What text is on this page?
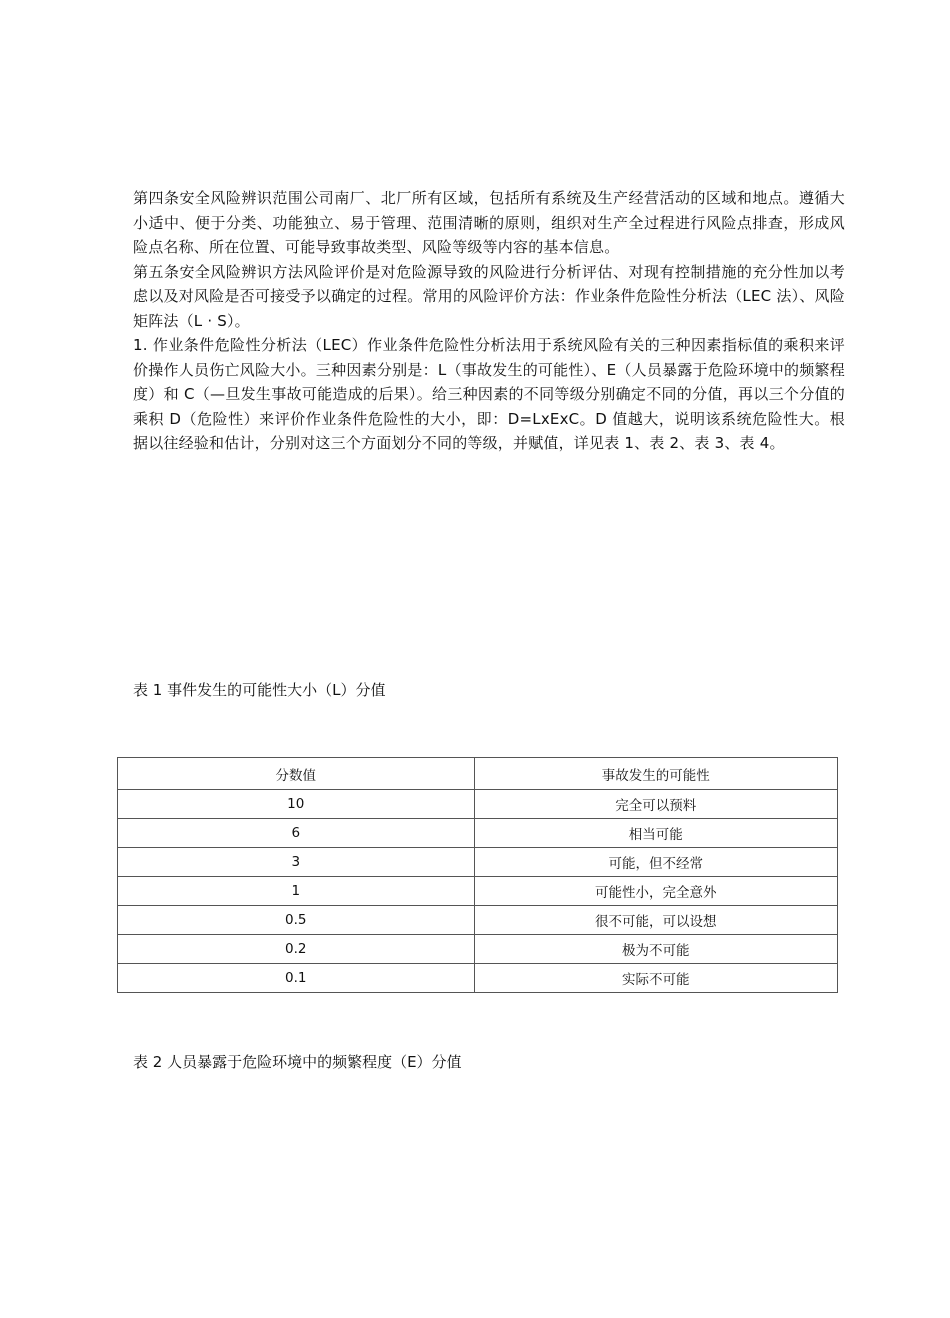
第四条安全风险辨识范围公司南厂、北厂所有区域，包括所有系统及生产经营活动的区域和地点。遵循大小适中、便于分类、功能独立、易于管理、范围清晰的原则，组织对生产全过程进行风险点排查，形成风险点名称、所在位置、可能导致事故类型、风险等级等内容的基本信息。

第五条安全风险辨识方法风险评价是对危险源导致的风险进行分析评估、对现有控制措施的充分性加以考虑以及对风险是否可接受予以确定的过程。常用的风险评价方法：作业条件危险性分析法（LEC 法）、风险矩阵法（L · S）。

1. 作业条件危险性分析法（LEC）作业条件危险性分析法用于系统风险有关的三种因素指标值的乘积来评价操作人员伤亡风险大小。三种因素分别是：L（事故发生的可能性）、E（人员暴露于危险环境中的频繁程度）和 C（—旦发生事故可能造成的后果）。给三种因素的不同等级分别确定不同的分值，再以三个分值的乘积 D（危险性）来评价作业条件危险性的大小，即：D=LxExC。D 值越大，说明该系统危险性大。根据以往经验和估计，分别对这三个方面划分不同的等级，并赋值，详见表 1、表 2、表 3、表 4。

表 1 事件发生的可能性大小（L）分值
分数值	事故发生的可能性
10	完全可以预料
6	相当可能
3	可能，但不经常
1	可能性小，完全意外
0.5	很不可能，可以设想
0.2	极为不可能
0.1	实际不可能
表 2 人员暴露于危险环境中的频繁程度（E）分值
